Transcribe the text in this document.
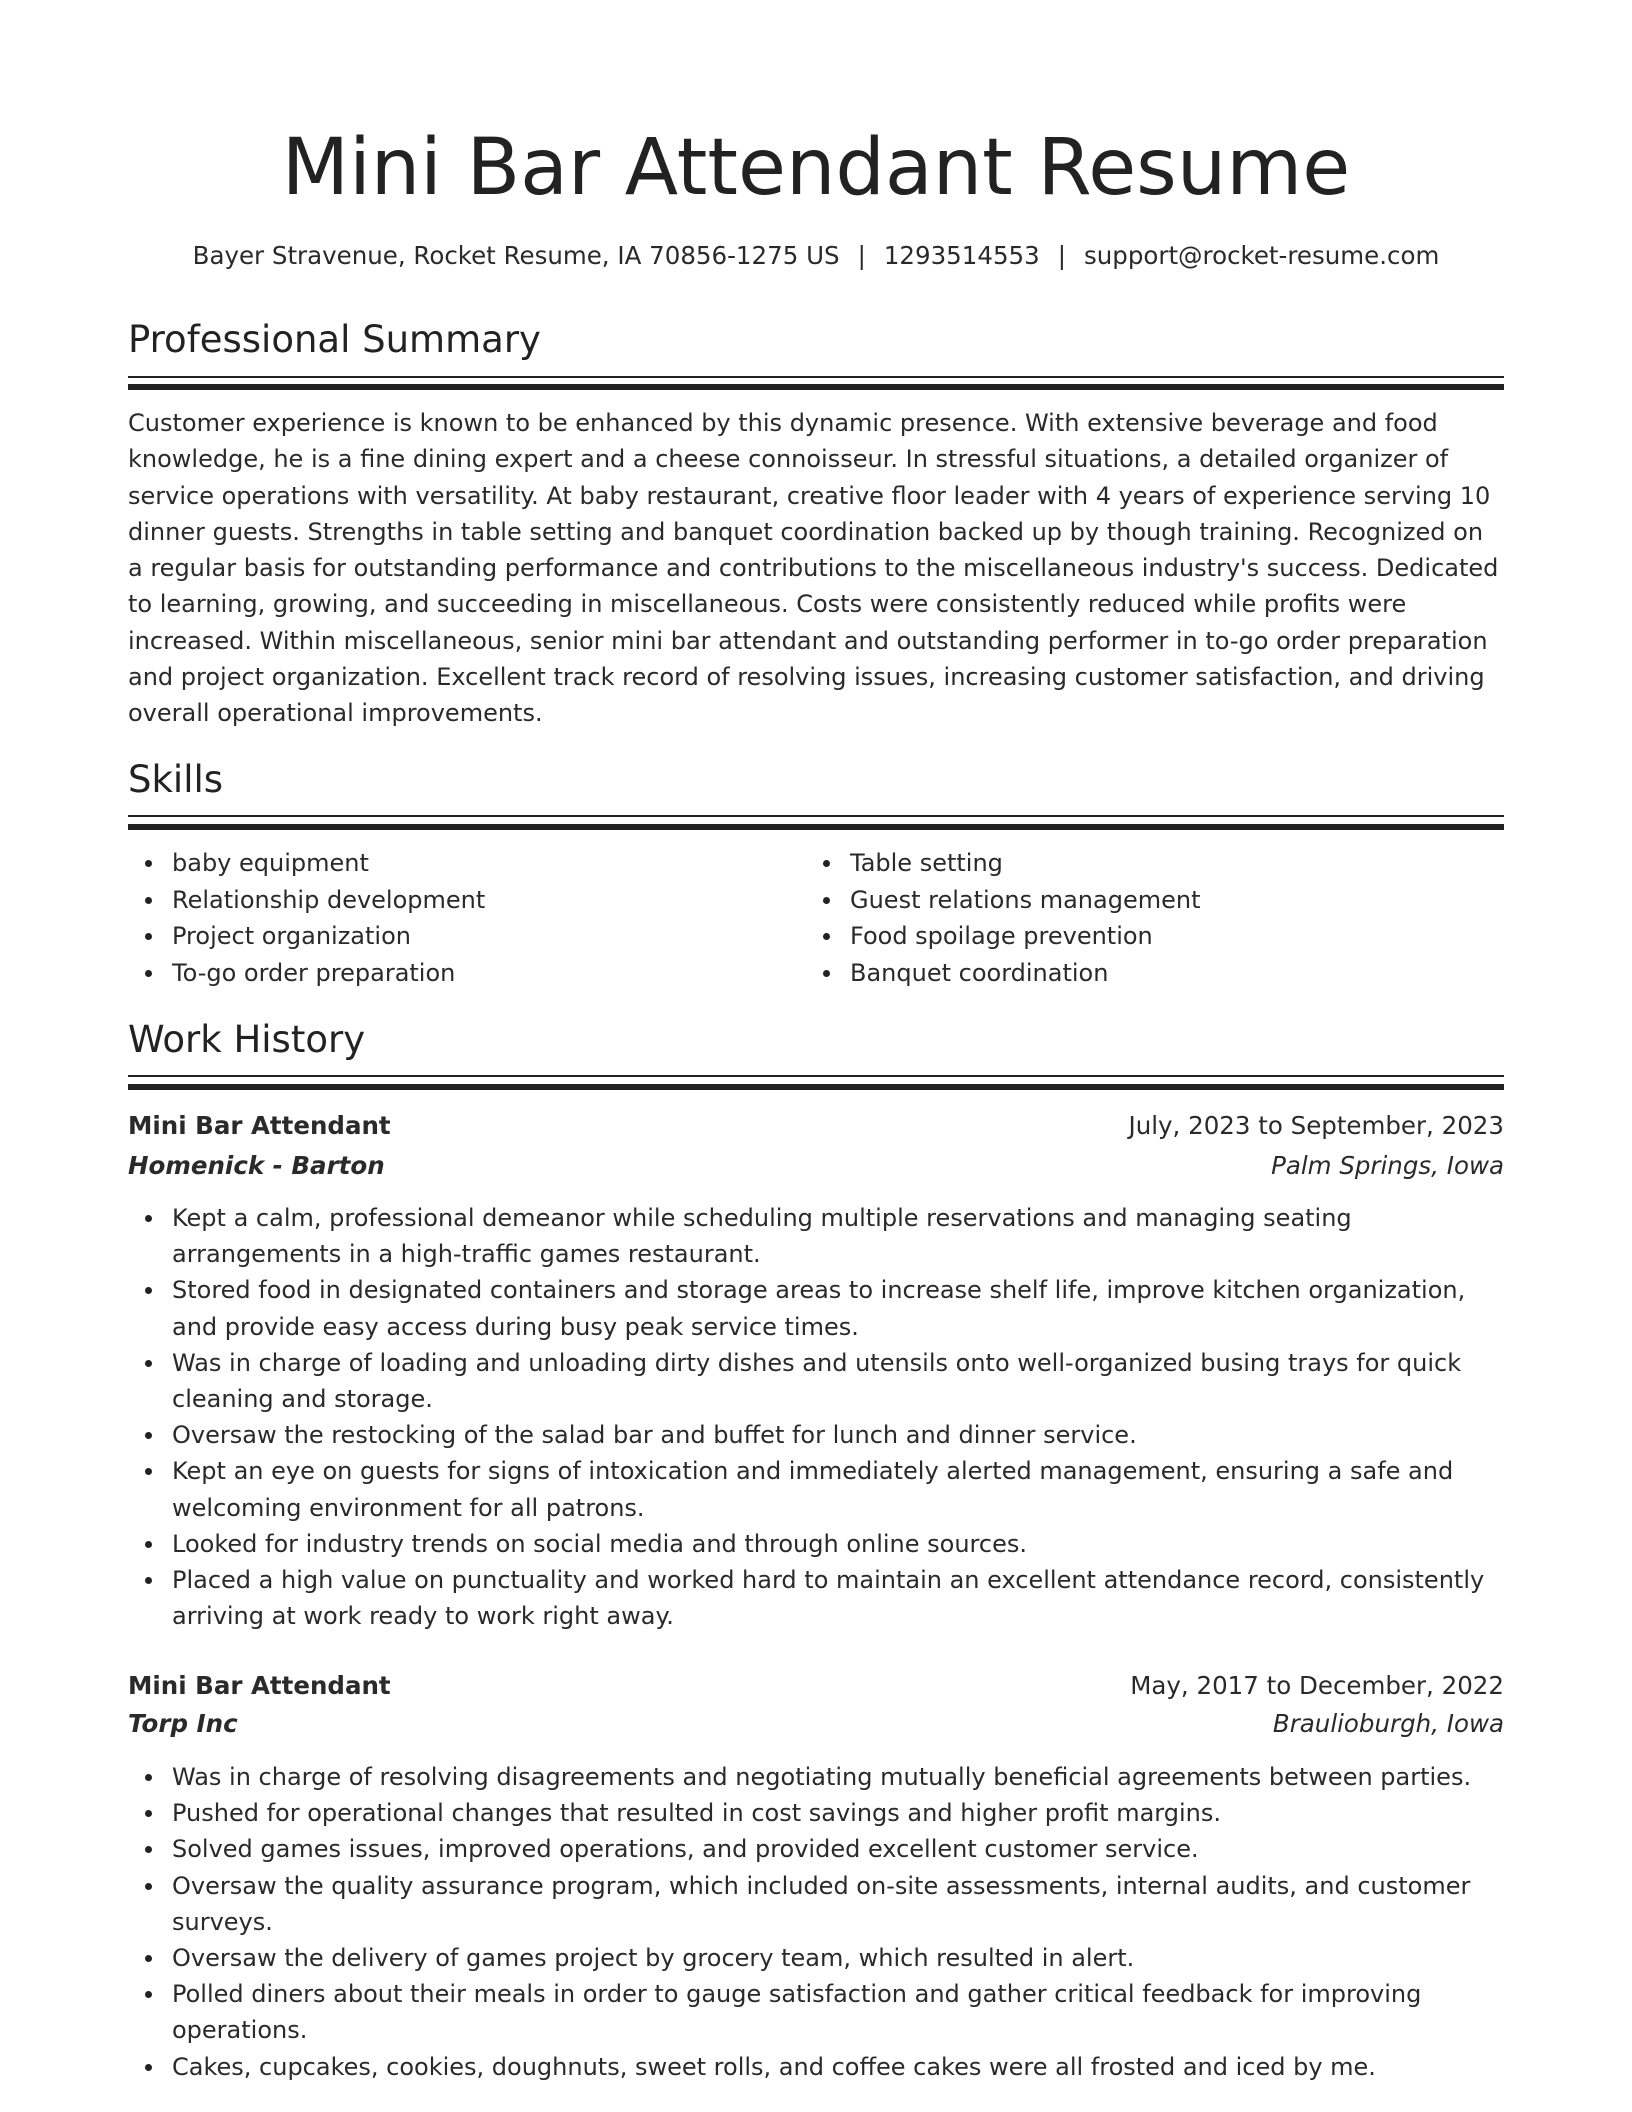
Mini Bar Attendant Resume
Bayer Stravenue, Rocket Resume, IA 70856-1275 US | 1293514553 | support@rocket-resume.com
Professional Summary

Customer experience is known to be enhanced by this dynamic presence. With extensive beverage and food knowledge, he is a fine dining expert and a cheese connoisseur. In stressful situations, a detailed organizer of service operations with versatility. At baby restaurant, creative floor leader with 4 years of experience serving 10 dinner guests. Strengths in table setting and banquet coordination backed up by though training. Recognized on a regular basis for outstanding performance and contributions to the miscellaneous industry's success. Dedicated to learning, growing, and succeeding in miscellaneous. Costs were consistently reduced while profits were increased. Within miscellaneous, senior mini bar attendant and outstanding performer in to-go order preparation and project organization. Excellent track record of resolving issues, increasing customer satisfaction, and driving overall operational improvements.

Skills
baby equipment
Relationship development
Project organization
To-go order preparation
Table setting
Guest relations management
Food spoilage prevention
Banquet coordination
Work History
Mini Bar Attendant	July, 2023 to September, 2023
Homenick - Barton	Palm Springs, Iowa
Kept a calm, professional demeanor while scheduling multiple reservations and managing seating arrangements in a high-traffic games restaurant.
Stored food in designated containers and storage areas to increase shelf life, improve kitchen organization, and provide easy access during busy peak service times.
Was in charge of loading and unloading dirty dishes and utensils onto well-organized busing trays for quick cleaning and storage.
Oversaw the restocking of the salad bar and buffet for lunch and dinner service.
Kept an eye on guests for signs of intoxication and immediately alerted management, ensuring a safe and welcoming environment for all patrons.
Looked for industry trends on social media and through online sources.
Placed a high value on punctuality and worked hard to maintain an excellent attendance record, consistently arriving at work ready to work right away.
Mini Bar Attendant	May, 2017 to December, 2022
Torp Inc	Braulioburgh, Iowa
Was in charge of resolving disagreements and negotiating mutually beneficial agreements between parties.
Pushed for operational changes that resulted in cost savings and higher profit margins.
Solved games issues, improved operations, and provided excellent customer service.
Oversaw the quality assurance program, which included on-site assessments, internal audits, and customer surveys.
Oversaw the delivery of games project by grocery team, which resulted in alert.
Polled diners about their meals in order to gauge satisfaction and gather critical feedback for improving operations.
Cakes, cupcakes, cookies, doughnuts, sweet rolls, and coffee cakes were all frosted and iced by me.
